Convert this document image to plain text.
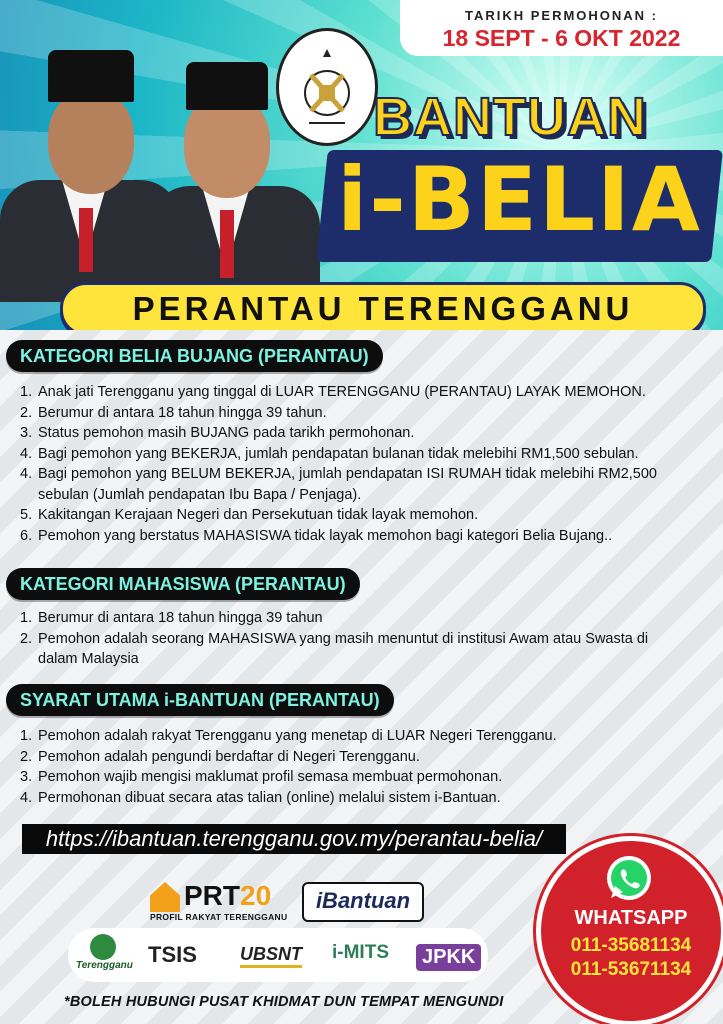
TARIKH PERMOHONAN :
18 SEPT - 6 OKT 2022
BANTUAN
i-BELIA
PERANTAU TERENGGANU
KATEGORI BELIA BUJANG (PERANTAU)
1. Anak jati Terengganu yang tinggal di LUAR TERENGGANU (PERANTAU) LAYAK MEMOHON.
2. Berumur di antara 18 tahun hingga 39 tahun.
3. Status pemohon masih BUJANG pada tarikh permohonan.
4. Bagi pemohon yang BEKERJA, jumlah pendapatan bulanan tidak melebihi RM1,500 sebulan.
4. Bagi pemohon yang BELUM BEKERJA, jumlah pendapatan ISI RUMAH tidak melebihi RM2,500 sebulan (Jumlah pendapatan Ibu Bapa / Penjaga).
5. Kakitangan Kerajaan Negeri dan Persekutuan tidak layak memohon.
6. Pemohon yang berstatus MAHASISWA tidak layak memohon bagi kategori Belia Bujang..
KATEGORI MAHASISWA (PERANTAU)
1. Berumur di antara 18 tahun hingga 39 tahun
2. Pemohon adalah seorang MAHASISWA yang masih menuntut di institusi Awam atau Swasta di dalam Malaysia
SYARAT UTAMA i-BANTUAN (PERANTAU)
1. Pemohon adalah rakyat Terengganu yang menetap di LUAR Negeri Terengganu.
2. Pemohon adalah pengundi berdaftar di Negeri Terengganu.
3. Pemohon wajib mengisi maklumat profil semasa membuat permohonan.
4. Permohonan dibuat secara atas talian (online) melalui sistem i-Bantuan.
https://ibantuan.terengganu.gov.my/perantau-belia/
PRT20
PROFIL RAKYAT TERENGGANU
iBantuan
Terengganu TSIS UBSNT i-MITS	JPKK
*BOLEH HUBUNGI PUSAT KHIDMAT DUN TEMPAT MENGUNDI
WHATSAPP
011-35681134
011-53671134
